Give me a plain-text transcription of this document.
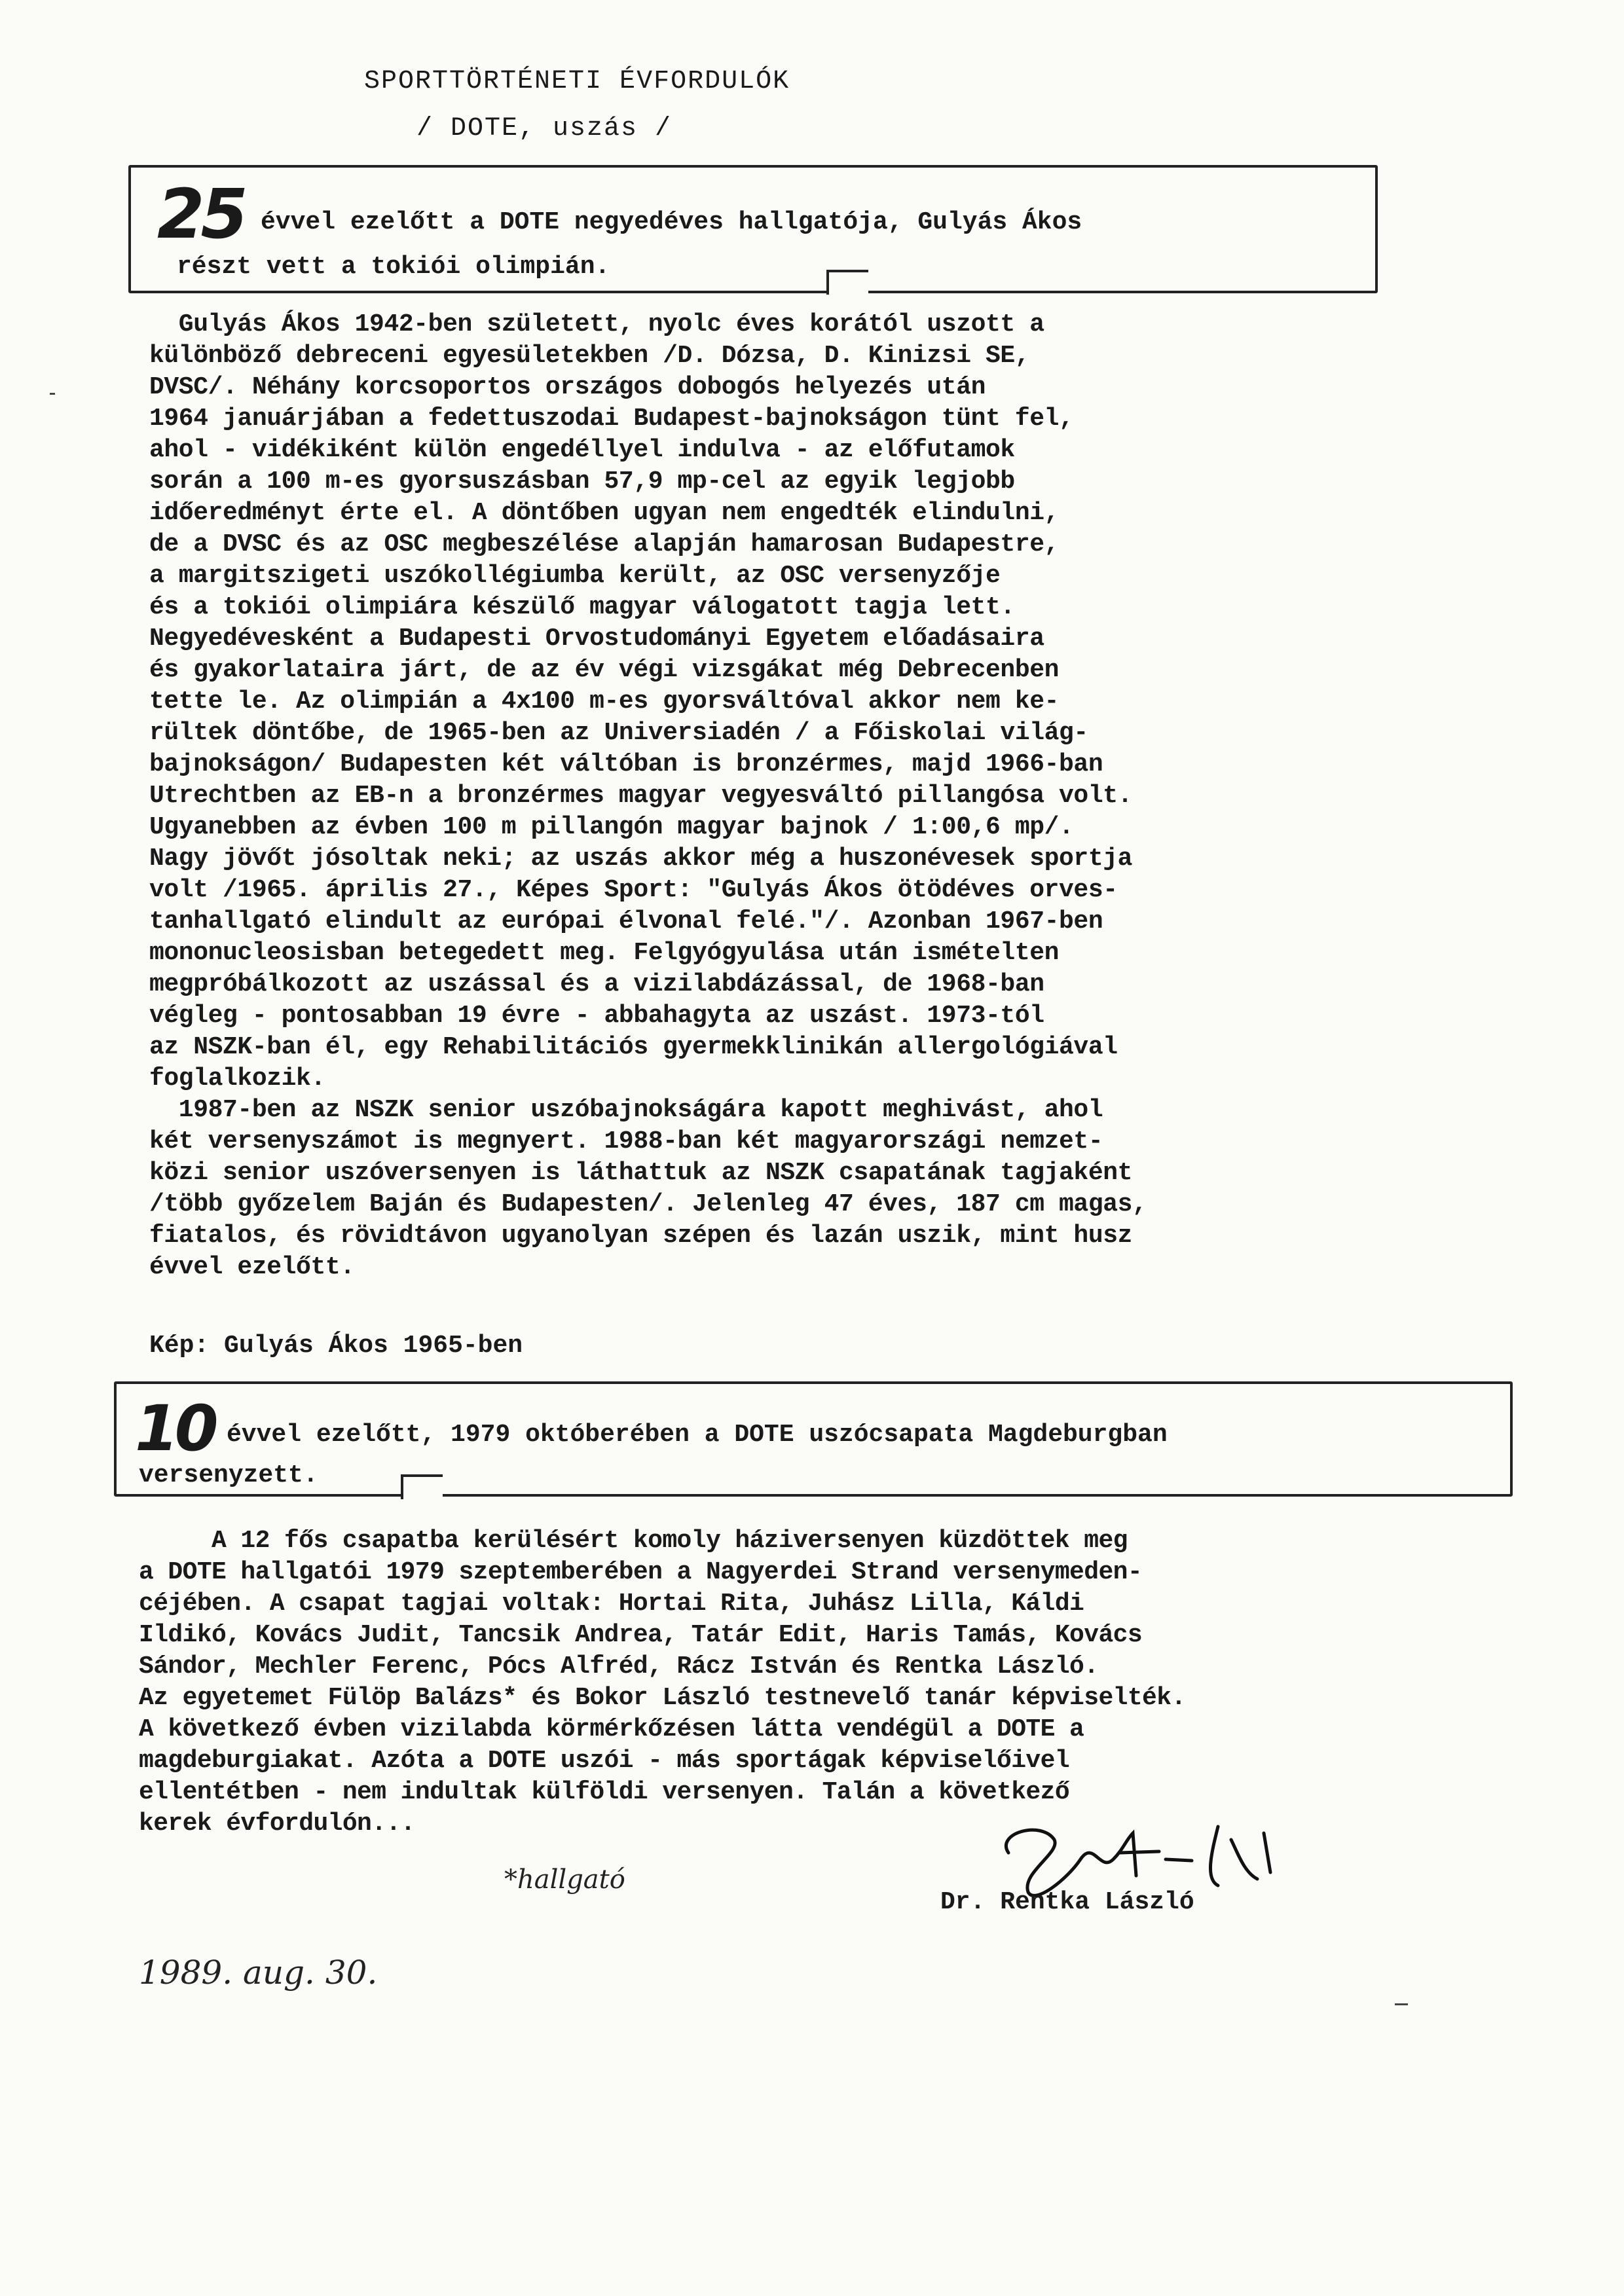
SPORTTÖRTÉNETI ÉVFORDULÓK
/ DOTE, uszás /
25 évvel ezelőtt a DOTE negyedéves hallgatója, Gulyás Ákos
részt vett a tokiói olimpián.
Gulyás Ákos 1942-ben született, nyolc éves korától uszott a
különböző debreceni egyesületekben /D. Dózsa, D. Kinizsi SE,
DVSC/. Néhány korcsoportos országos dobogós helyezés után
1964 januárjában a fedettuszodai Budapest-bajnokságon tünt fel,
ahol - vidékiként külön engedéllyel indulva - az előfutamok
során a 100 m-es gyorsuszásban 57,9 mp-cel az egyik legjobb
időeredményt érte el. A döntőben ugyan nem engedték elindulni,
de a DVSC és az OSC megbeszélése alapján hamarosan Budapestre,
a margitszigeti uszókollégiumba került, az OSC versenyzője
és a tokiói olimpiára készülő magyar válogatott tagja lett.
Negyedévesként a Budapesti Orvostudományi Egyetem előadásaira
és gyakorlataira járt, de az év végi vizsgákat még Debrecenben
tette le. Az olimpián a 4x100 m-es gyorsváltóval akkor nem ke-
rültek döntőbe, de 1965-ben az Universiadén / a Főiskolai világ-
bajnokságon/ Budapesten két váltóban is bronzérmes, majd 1966-ban
Utrechtben az EB-n a bronzérmes magyar vegyesváltó pillangósa volt.
Ugyanebben az évben 100 m pillangón magyar bajnok / 1:00,6 mp/.
Nagy jövőt jósoltak neki; az uszás akkor még a huszonévesek sportja
volt /1965. április 27., Képes Sport: "Gulyás Ákos ötödéves orves-
tanhallgató elindult az európai élvonal felé."/. Azonban 1967-ben
mononucleosisban betegedett meg. Felgyógyulása után ismételten
megpróbálkozott az uszással és a vizilabdázással, de 1968-ban
végleg - pontosabban 19 évre - abbahagyta az uszást. 1973-tól
az NSZK-ban él, egy Rehabilitációs gyermekklinikán allergológiával
foglalkozik.
1987-ben az NSZK senior uszóbajnokságára kapott meghivást, ahol
két versenyszámot is megnyert. 1988-ban két magyarországi nemzet-
közi senior uszóversenyen is láthattuk az NSZK csapatának tagjaként
/több győzelem Baján és Budapesten/. Jelenleg 47 éves, 187 cm magas,
fiatalos, és rövidtávon ugyanolyan szépen és lazán uszik, mint husz
évvel ezelőtt.
Kép: Gulyás Ákos 1965-ben
10 évvel ezelőtt, 1979 októberében a DOTE uszócsapata Magdeburgban
versenyzett.
A 12 fős csapatba kerülésért komoly háziversenyen küzdöttek meg
a DOTE hallgatói 1979 szeptemberében a Nagyerdei Strand versenymeden-
céjében. A csapat tagjai voltak: Hortai Rita, Juhász Lilla, Káldi
Ildikó, Kovács Judit, Tancsik Andrea, Tatár Edit, Haris Tamás, Kovács
Sándor, Mechler Ferenc, Pócs Alfréd, Rácz István és Rentka László.
Az egyetemet Fülöp Balázs* és Bokor László testnevelő tanár képviselték.
A következő évben vizilabda körmérkőzésen látta vendégül a DOTE a
magdeburgiakat. Azóta a DOTE uszói - más sportágak képviselőivel
ellentétben - nem indultak külföldi versenyen. Talán a következő
kerek évfordulón...
*hallgató
Dr. Rentka László
1989. aug. 30.
